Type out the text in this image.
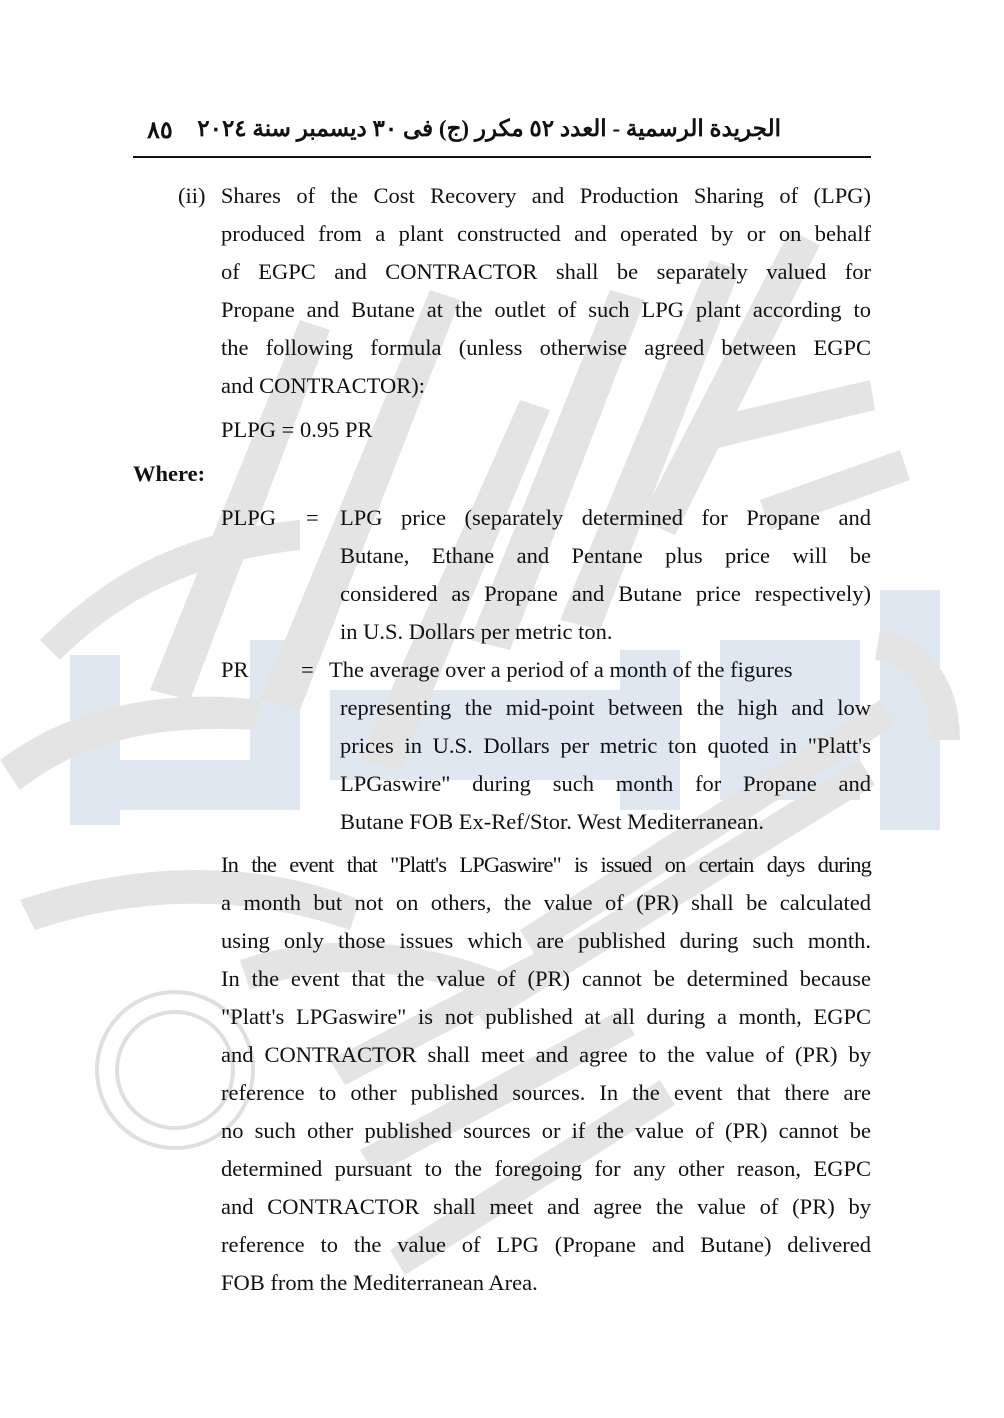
٨٥ الجريدة الرسمية - العدد ٥٢ مكرر (ج) فى ٣٠ ديسمبر سنة ٢٠٢٤
(ii) Shares of the Cost Recovery and Production Sharing of (LPG)
produced from a plant constructed and operated by or on behalf
of EGPC and CONTRACTOR shall be separately valued for
Propane and Butane at the outlet of such LPG plant according to
the following formula (unless otherwise agreed between EGPC
and CONTRACTOR):
PLPG = 0.95 PR
Where:
PLPG = LPG price (separately determined for Propane and
Butane, Ethane and Pentane plus price will be
considered as Propane and Butane price respectively)
in U.S. Dollars per metric ton.
PR = The average over a period of a month of the figures
representing the mid-point between the high and low
prices in U.S. Dollars per metric ton quoted in "Platt's
LPGaswire" during such month for Propane and
Butane FOB Ex-Ref/Stor. West Mediterranean.
In the event that "Platt's LPGaswire" is issued on certain days during
a month but not on others, the value of (PR) shall be calculated
using only those issues which are published during such month.
In the event that the value of (PR) cannot be determined because
"Platt's LPGaswire" is not published at all during a month, EGPC
and CONTRACTOR shall meet and agree to the value of (PR) by
reference to other published sources. In the event that there are
no such other published sources or if the value of (PR) cannot be
determined pursuant to the foregoing for any other reason, EGPC
and CONTRACTOR shall meet and agree the value of (PR) by
reference to the value of LPG (Propane and Butane) delivered
FOB from the Mediterranean Area.
